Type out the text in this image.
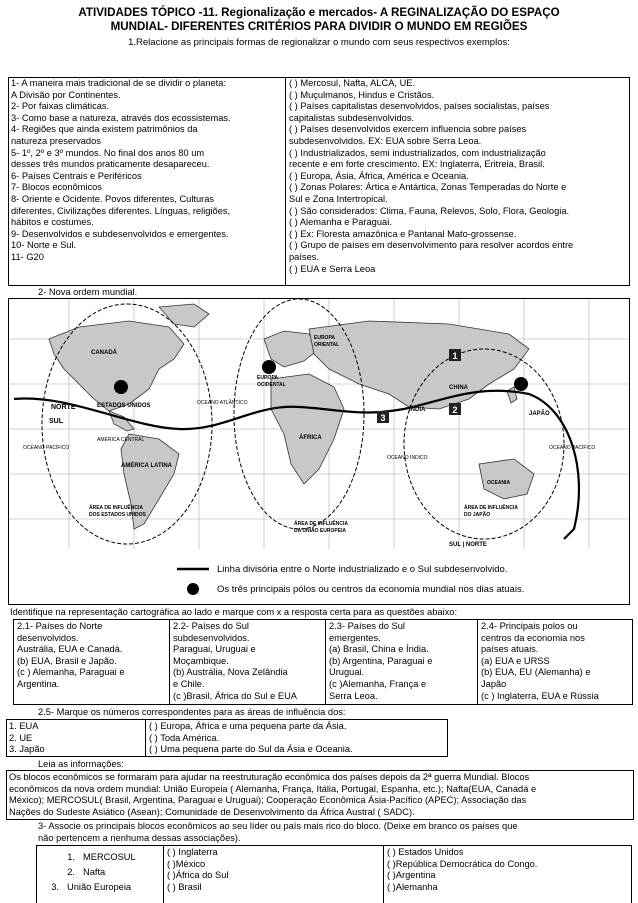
ATIVIDADES TÓPICO -11. Regionalização e mercados- A REGINALIZAÇÃO DO ESPAÇO
MUNDIAL- DIFERENTES CRITÉRIOS PARA DIVIDIR O MUNDO EM REGIÕES
1.Relacione as principais formas de regionalizar o mundo com seus respectivos exemplos:
1- A maneira mais tradicional de se dividir o planeta:
A Divisão por Continentes.
2- Por faixas climáticas.
3- Como base a natureza, através dos ecossistemas.
4- Regiões que ainda existem patrimônios da
natureza preservados
5- 1º, 2º e 3º mundos. No final dos anos 80 um
desses três mundos praticamente desapareceu.
6- Países Centrais e Periféricos
7- Blocos econômicos
8- Oriente e Ocidente. Povos diferentes, Culturas
diferentes, Civilizações diferentes. Línguas, religiões,
hábitos e costumes.
9- Desenvolvidos e subdesenvolvidos e emergentes.
10- Norte e Sul.
11- G20
( ) Mercosul, Nafta, ALCA, UE.
( ) Muçulmanos, Hindus e Cristãos.
( ) Países capitalistas desenvolvidos, países socialistas, países
capitalistas subdesenvolvidos.
( ) Países desenvolvidos exercem influencia sobre países
subdesenvolvidos. EX: EUA sobre Serra Leoa.
( ) Industrializados, semi industrializados, com industrialização
recente e em forte crescimento. EX: Inglaterra, Eritreia, Brasil.
( ) Europa, Ásia, África, América e Oceania.
( ) Zonas Polares: Ártica e Antártica, Zonas Temperadas do Norte e
Sul e Zona Intertropical.
( ) São considerados: Clima, Fauna, Relevos, Solo, Flora, Geologia.
( ) Alemanha e Paraguai.
( ) Ex: Floresta amazônica e Pantanal Mato-grossense.
( ) Grupo de países em desenvolvimento para resolver acordos entre
países.
( ) EUA e Serra Leoa
2- Nova ordem mundial.
1
2
3
CANADÁ
ESTADOS UNIDOS
NORTE
SUL
OCEANO PACÍFICO	OCEANO PACÍFICO
OCEANO ATLÂNTICO
OCEANO ÍNDICO
AMÉRICA CENTRAL
AMÉRICA LATINA
EUROPA
OCIDENTAL
EUROPA
ORIENTAL
ÁFRICA
ÍNDIA
CHINA
JAPÃO
OCEANIA
ÁREA DE INFLUÊNCIA
DOS ESTADOS UNIDOS
ÁREA DE INFLUÊNCIA
DA UNIÃO EUROPEIA
ÁREA DE INFLUÊNCIA
DO JAPÃO
SUL | NORTE
Linha divisória entre o Norte industrializado e o Sul subdesenvolvido.
Os três principais pólos ou centros da economia mundial nos dias atuais.
Identifique na representação cartográfica ao lado e marque com x a resposta certa para as questões abaixo:
2.1- Países do Norte
desenvolvidos.
Austrália, EUA e Canadá.
(b) EUA, Brasil e Japão.
(c ) Alemanha, Paraguai e
Argentina.
2.2- Países do Sul
subdesenvolvidos.
Paraguai, Uruguai e
Moçambique.
(b) Austrália, Nova Zelândia
e Chile.
(c )Brasil, África do Sul e EUA
2.3- Países do Sul
emergentes.
(a) Brasil, China e Índia.
(b) Argentina, Paraguai e
Uruguai.
(c )Alemanha, França e
Serra Leoa.
2.4- Principais polos ou
centros da economia nos
países atuais.
(a) EUA e URSS
(b) EUA, EU (Alemanha) e
Japão
(c ) Inglaterra, EUA e Rússia
2.5- Marque os números correspondentes para as áreas de influência dos:
1. EUA
2. UE
3. Japão
( ) Europa, África e uma pequena parte da Ásia.
( ) Toda América.
( ) Uma pequena parte do Sul da Ásia e Oceania.
Leia as informações:
Os blocos econômicos se formaram para ajudar na reestruturação econômica dos países depois da 2ª guerra Mundial. Blocos
econômicos da nova ordem mundial: União Europeia ( Alemanha, França, Itália, Portugal, Espanha, etc.); Nafta(EUA, Canadá e
México); MERCOSUL( Brasil, Argentina, Paraguai e Uruguai); Cooperação Econômica Ásia-Pacífico (APEC); Associação das
Nações do Sudeste Asiático (Asean); Comunidade de Desenvolvimento da África Austral ( SADC).
3- Associe os principais blocos econômicos ao seu líder ou país mais rico do bloco. (Deixe em branco os países que
não pertencem a nenhuma dessas associações).
1. MERCOSUL
2. Nafta
3. União Europeia
( ) Inglaterra
( )México
( )África do Sul
( ) Brasil
( ) Estados Unidos
( )República Democrática do Congo.
( )Argentina
( )Alemanha
